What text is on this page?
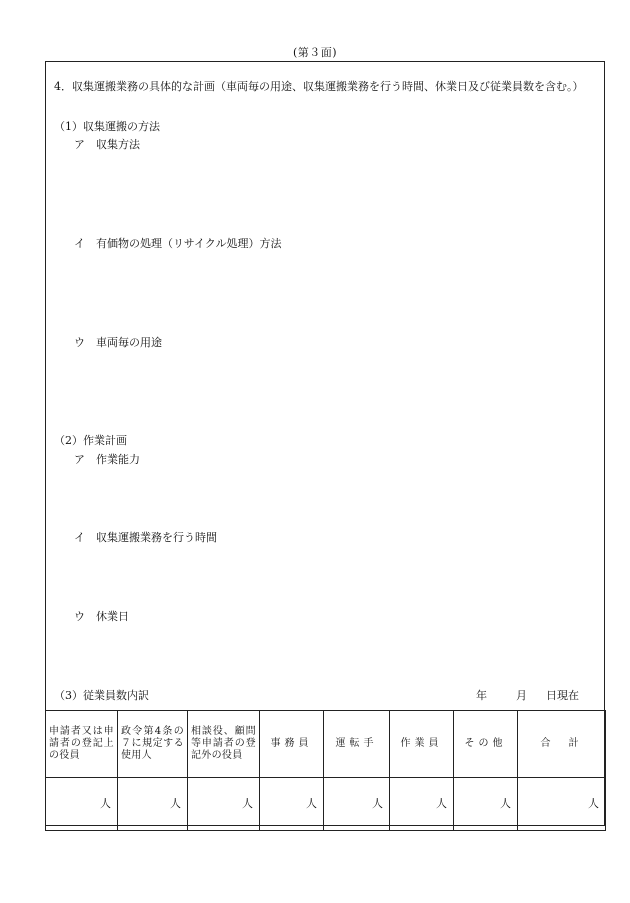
(第３面)
4．収集運搬業務の具体的な計画（車両毎の用途、収集運搬業務を行う時間、休業日及び従業員数を含む。）
（1）収集運搬の方法
ア　収集方法
イ　有価物の処理（リサイクル処理）方法
ウ　車両毎の用途
（2）作業計画
ア　作業能力
イ　収集運搬業務を行う時間
ウ　休業日
（3）従業員数内訳	年	月 日現在
申請者又は申請者の登記上の役員	政令第4条の７に規定する使用人	相談役、顧問等申請者の登記外の役員	事務員	運転手	作業員	その他	合　計
人	人	人	人	人	人	人	人
